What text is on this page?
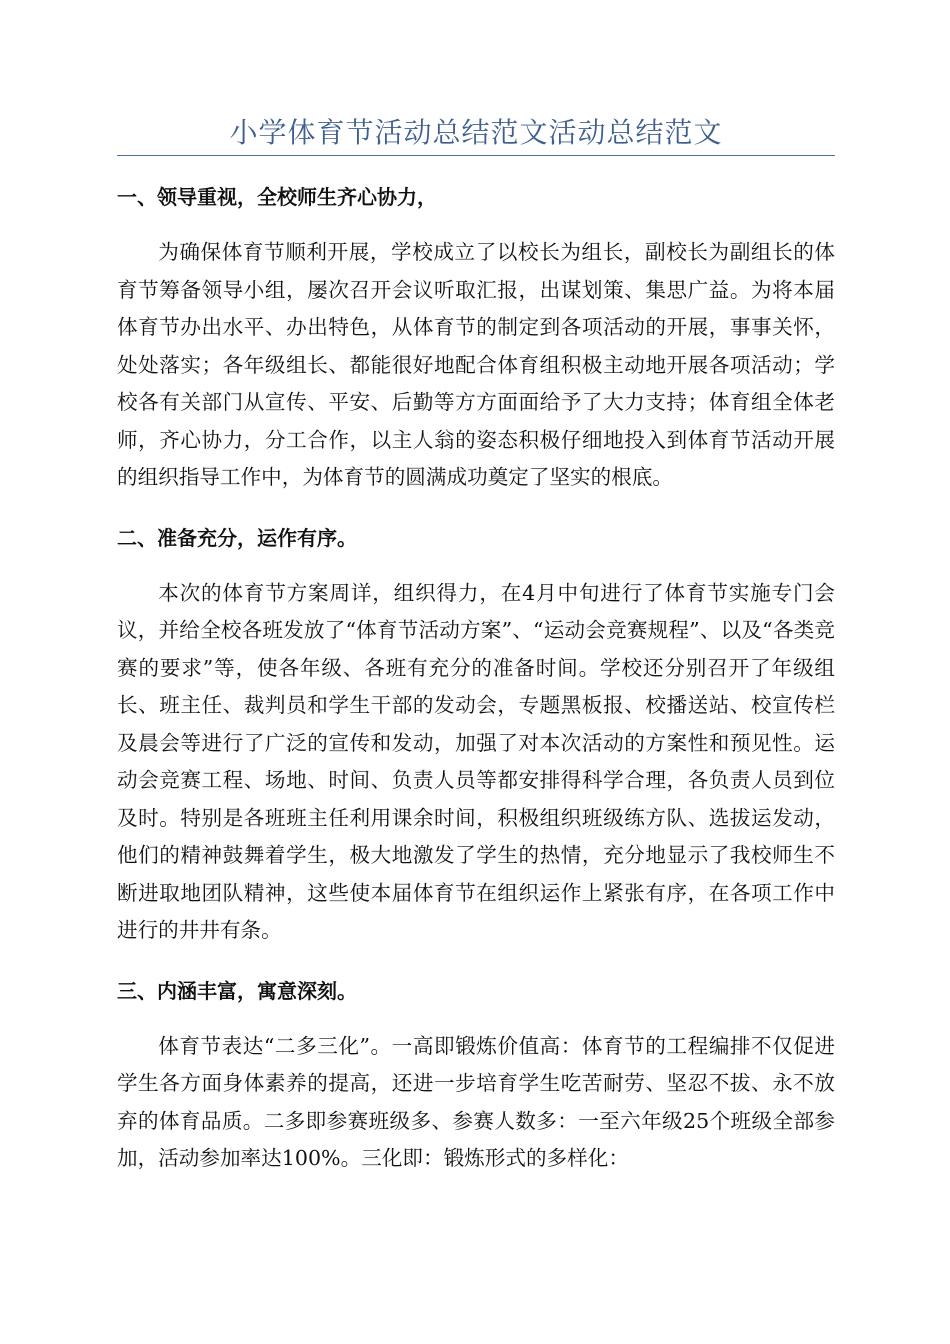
小学体育节活动总结范文活动总结范文
一、领导重视，全校师生齐心协力，

为确保体育节顺利开展，学校成立了以校长为组长，副校长为副组长的体育节筹备领导小组，屡次召开会议听取汇报，出谋划策、集思广益。为将本届体育节办出水平、办出特色，从体育节的制定到各项活动的开展，事事关怀，处处落实；各年级组长、都能很好地配合体育组积极主动地开展各项活动；学校各有关部门从宣传、平安、后勤等方方面面给予了大力支持；体育组全体老师，齐心协力，分工合作，以主人翁的姿态积极仔细地投入到体育节活动开展的组织指导工作中，为体育节的圆满成功奠定了坚实的根底。

二、准备充分，运作有序。

本次的体育节方案周详，组织得力，在4月中旬进行了体育节实施专门会议，并给全校各班发放了“体育节活动方案”、“运动会竞赛规程”、以及“各类竞赛的要求”等，使各年级、各班有充分的准备时间。学校还分别召开了年级组长、班主任、裁判员和学生干部的发动会，专题黑板报、校播送站、校宣传栏及晨会等进行了广泛的宣传和发动，加强了对本次活动的方案性和预见性。运动会竞赛工程、场地、时间、负责人员等都安排得科学合理，各负责人员到位及时。特别是各班班主任利用课余时间，积极组织班级练方队、选拔运发动，他们的精神鼓舞着学生，极大地激发了学生的热情，充分地显示了我校师生不断进取地团队精神，这些使本届体育节在组织运作上紧张有序，在各项工作中进行的井井有条。

三、内涵丰富，寓意深刻。

体育节表达“二多三化”。一高即锻炼价值高：体育节的工程编排不仅促进学生各方面身体素养的提高，还进一步培育学生吃苦耐劳、坚忍不拔、永不放弃的体育品质。二多即参赛班级多、参赛人数多：一至六年级25个班级全部参加，活动参加率达100%。三化即：锻炼形式的多样化：
